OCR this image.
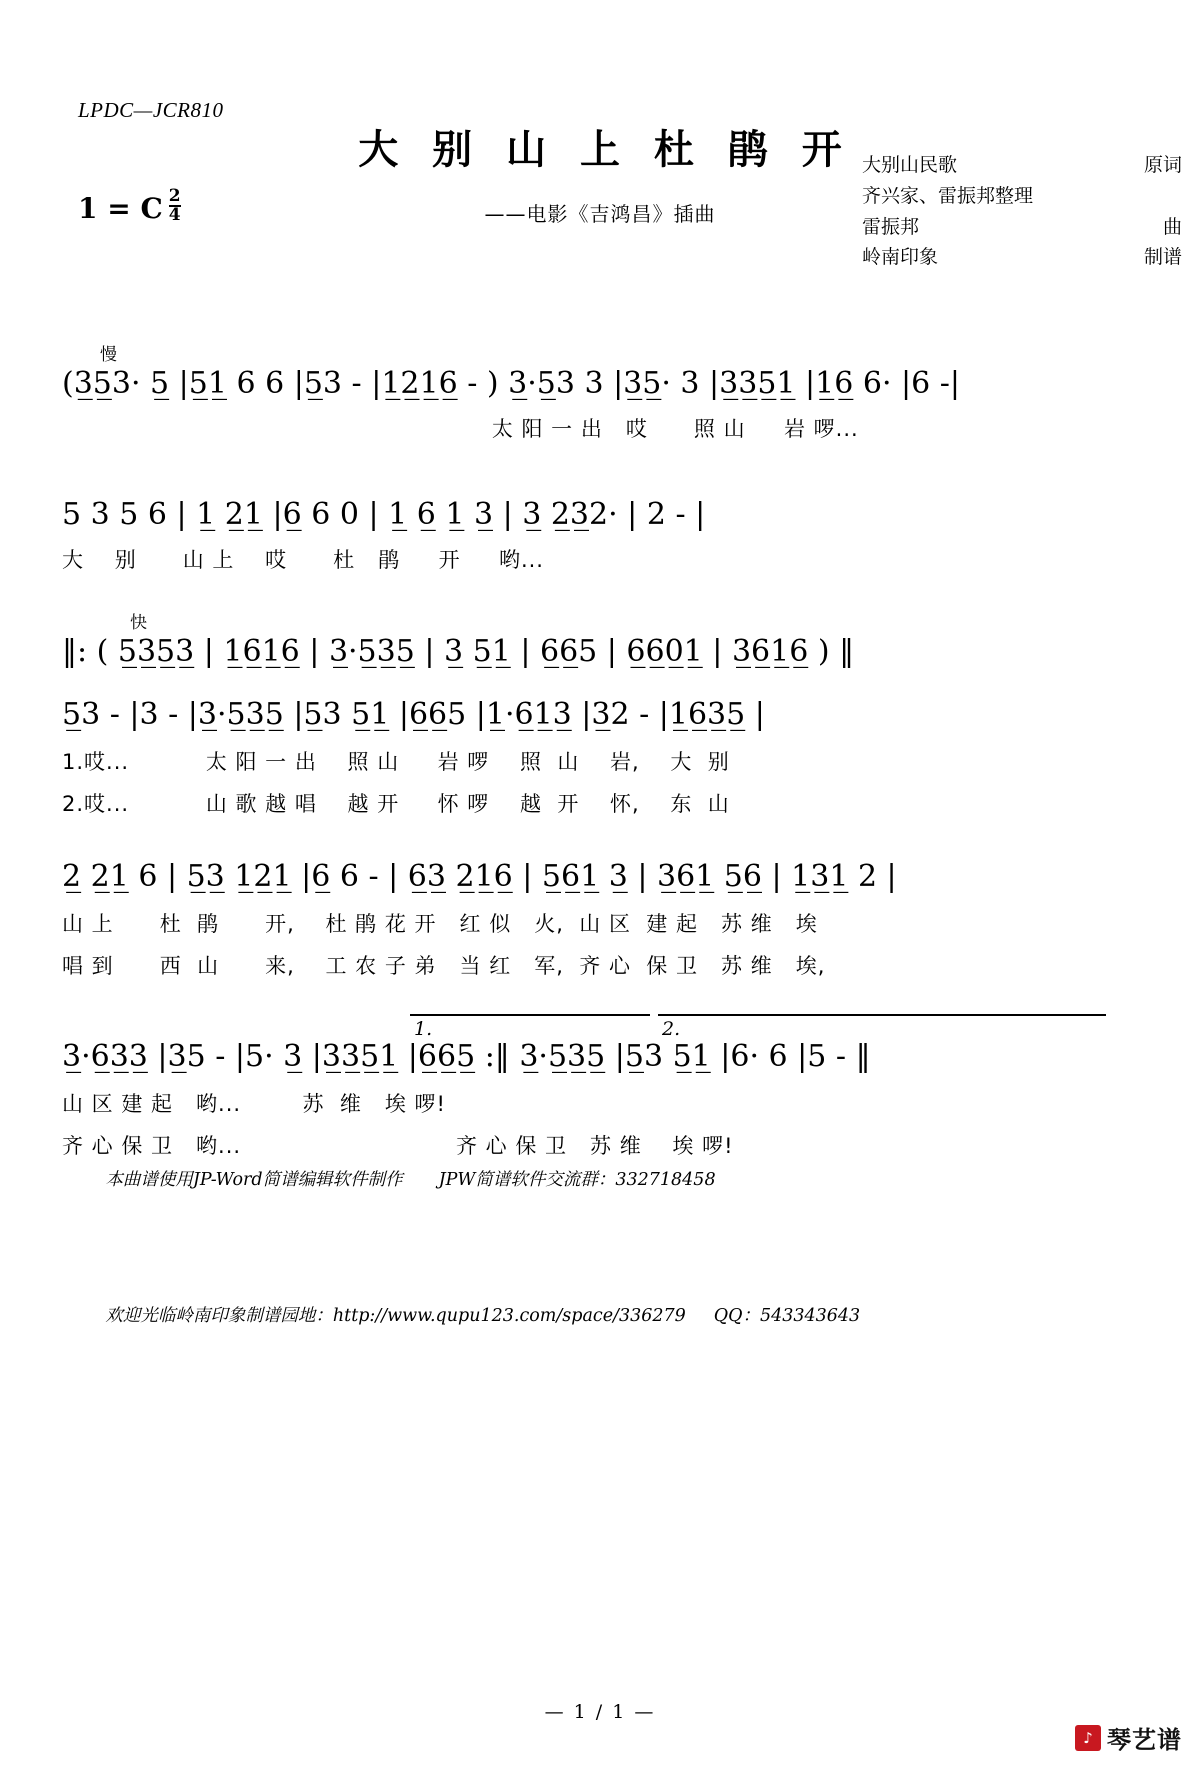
LPDC—JCR810
大 别 山 上 杜 鹃 开
——电影《吉鸿昌》插曲
1 = C $\frac{2}{4}$
大别山民歌	原词
齐兴家、雷振邦整理
雷振邦	曲
岭南印象	制谱
慢
(3̲5̲3· 5̲ |5̲1̲ 6 6 |5̲3 - |1̲2̲1̲6̲ - ) 3̲·5̲3 3 |3̲5̲· 3 |3̲3̲5̲1̲ |1̲6̲ 6· |6 -|
太 阳 一 出   哎      照 山     岩 啰...
5 3 5 6 | 1̲ 2̲1̲ |6̲ 6 0 | 1̲ 6̲ 1̲ 3̲ | 3̲ 2̲3̲2· | 2 - |
大    别      山 上    哎      杜   鹃     开     哟...
快
‖: ( 5̲3̲5̲3̲ | 1̲6̲1̲6̲ | 3̲·5̲3̲5̲ | 3̲ 5̲1̲ | 6̲6̲5 | 6̲6̲0̲1̲ | 3̲6̲1̲6̲ ) ‖
5̲3 - |3 - |3̲·5̲3̲5̲ |5̲3 5̲1̲ |6̲6̲5 |1̲·6̲1̲3̲ |3̲2 - |1̲6̲3̲5̲ |
1.哎...          太 阳 一 出    照 山     岩 啰    照  山    岩,    大  别
2.哎...          山 歌 越 唱    越 开     怀 啰    越  开    怀,    东  山
2̲ 2̲1̲ 6 | 5̲3̲ 1̲2̲1̲ |6̲ 6 - | 6̲3̲ 2̲1̲6̲ | 5̲6̲1̲ 3̲ | 3̲6̲1̲ 5̲6̲ | 1̲3̲1̲ 2 |
山 上      杜  鹃      开,    杜 鹃 花 开   红 似   火,  山 区  建 起   苏 维   埃
唱 到      西  山      来,    工 农 子 弟   当 红   军,  齐 心  保 卫   苏 维   埃,
1.	2.
3̲·6̲3̲3̲ |3̲5 - |5· 3̲ |3̲3̲5̲1̲ |6̲6̲5̲ :‖ 3̲·5̲3̲5̲ |5̲3 5̲1̲ |6· 6 |5 - ‖
山 区 建 起   哟...        苏  维   埃 啰!
齐 心 保 卫   哟...                            齐 心 保 卫   苏 维    埃 啰!

本曲谱使用JP-Word简谱编辑软件制作 JPW简谱软件交流群：332718458

欢迎光临岭南印象制谱园地：http://www.qupu123.com/space/336279 QQ：543343643

— 1 / 1 —
♪ 琴艺谱
